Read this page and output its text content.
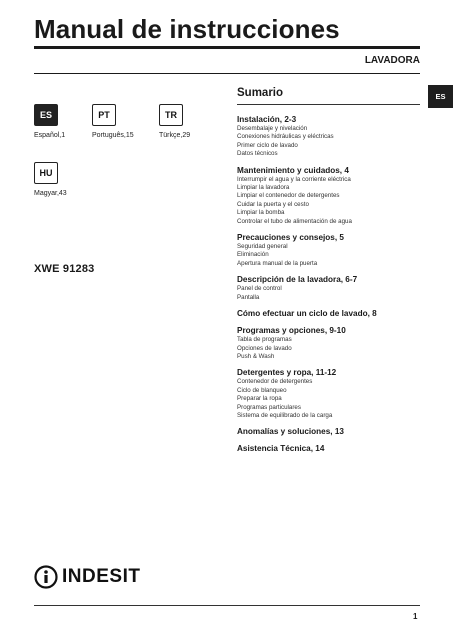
Manual de instrucciones
LAVADORA
ES
ES
Español,1
PT
Português,15
TR
Türkçe,29
HU
Magyar,43
XWE 91283
Sumario
Instalación, 2-3
Desembalaje y nivelación
Conexiones hidráulicas y eléctricas
Primer ciclo de lavado
Datos técnicos
Mantenimiento y cuidados, 4
Interrumpir el agua y la corriente eléctrica
Limpiar la lavadora
Limpiar el contenedor de detergentes
Cuidar la puerta y el cesto
Limpiar la bomba
Controlar el tubo de alimentación de agua
Precauciones y consejos, 5
Seguridad general
Eliminación
Apertura manual de la puerta
Descripción de la lavadora, 6-7
Panel de control
Pantalla
Cómo efectuar un ciclo de lavado, 8
Programas y opciones, 9-10
Tabla de programas
Opciones de lavado
Push & Wash
Detergentes y ropa, 11-12
Contenedor de detergentes
Ciclo de blanqueo
Preparar la ropa
Programas particulares
Sistema de equilibrado de la carga
Anomalías y soluciones, 13
Asistencia Técnica, 14
INDESIT
1
